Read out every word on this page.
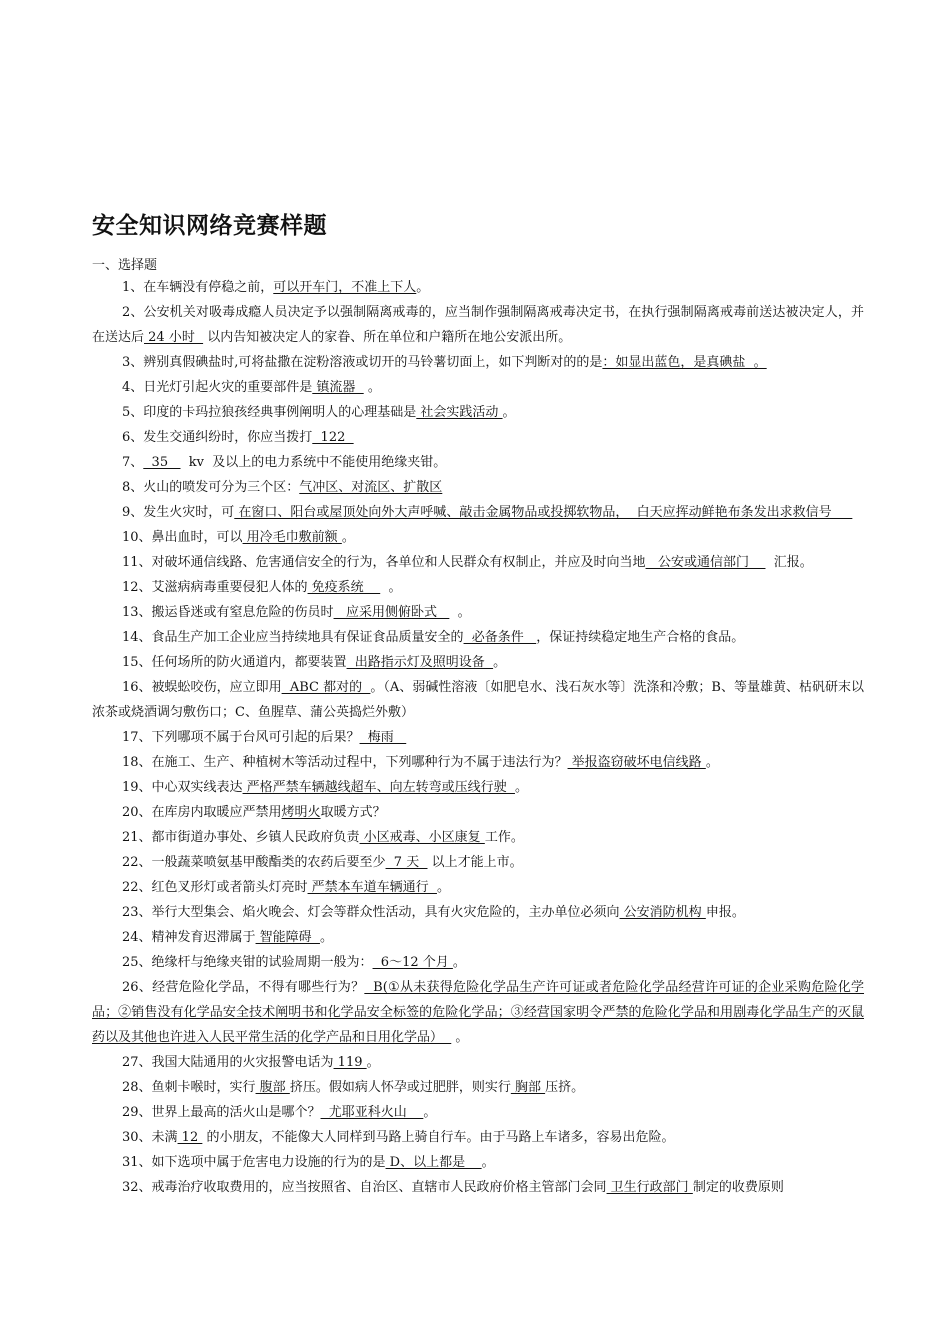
安全知识网络竞赛样题
一、选择题
1、在车辆没有停稳之前，可以开车门，不准上下人。
2、公安机关对吸毒成瘾人员决定予以强制隔离戒毒的，应当制作强制隔离戒毒决定书，在执行强制隔离戒毒前送达被决定人，并在送达后 24 小时   以内告知被决定人的家眷、所在单位和户籍所在地公安派出所。
3、辨别真假碘盐时,可将盐撒在淀粉溶液或切开的马铃薯切面上，如下判断对的的是：如显出蓝色，是真碘盐  。
4、日光灯引起火灾的重要部件是 镇流器   。
5、印度的卡玛拉狼孩经典事例阐明人的心理基础是 社会实践活动 。
6、发生交通纠纷时，你应当拨打  122
7、  35     kv  及以上的电力系统中不能使用绝缘夹钳。
8、火山的喷发可分为三个区：气冲区、对流区、扩散区
9、发生火灾时，可 在窗口、阳台或屋顶处向外大声呼喊、敲击金属物品或投掷软物品，  白天应挥动鲜艳布条发出求救信号
10、鼻出血时，可以 用冷毛巾敷前额 。
11、对破坏通信线路、危害通信安全的行为，各单位和人民群众有权制止，并应及时向当地   公安或通信部门      汇报。
12、艾滋病病毒重要侵犯人体的 免疫系统      。
13、搬运昏迷或有窒息危险的伤员时   应采用侧俯卧式     。
14、食品生产加工企业应当持续地具有保证食品质量安全的  必备条件   ，保证持续稳定地生产合格的食品。
15、任何场所的防火通道内，都要装置  出路指示灯及照明设备  。
16、被蜈蚣咬伤，应立即用  ABC 都对的  。（A、弱碱性溶液〔如肥皂水、浅石灰水等〕洗涤和冷敷；B、等量雄黄、枯矾研末以浓茶或烧酒调匀敷伤口；C、鱼腥草、蒲公英捣烂外敷）
17、下列哪项不属于台风可引起的后果？  梅雨
18、在施工、生产、种植树木等活动过程中，下列哪种行为不属于违法行为？ 举报盗窃破坏电信线路 。
19、中心双实线表达 严格严禁车辆越线超车、向左转弯或压线行驶  。
20、在库房内取暖应严禁用烤明火取暖方式？
21、都市街道办事处、乡镇人民政府负责 小区戒毒、小区康复 工作。
22、一般蔬菜喷氨基甲酸酯类的农药后要至少  7 天   以上才能上市。
22、红色叉形灯或者箭头灯亮时 严禁本车道车辆通行  。
23、举行大型集会、焰火晚会、灯会等群众性活动，具有火灾危险的，主办单位必须向 公安消防机构 申报。
24、精神发育迟滞属于 智能障碍  。
25、绝缘杆与绝缘夹钳的试验周期一般为：  6～12 个月 。
26、经营危险化学品，不得有哪些行为？  B(①从未获得危险化学品生产许可证或者危险化学品经营许可证的企业采购危险化学品；②销售没有化学品安全技术阐明书和化学品安全标签的危险化学品；③经营国家明令严禁的危险化学品和用剧毒化学品生产的灭鼠药以及其他也许进入人民平常生活的化学产品和日用化学品）   。
27、我国大陆通用的火灾报警电话为 119 。
28、鱼刺卡喉时，实行 腹部 挤压。假如病人怀孕或过肥胖，则实行 胸部 压挤。
29、世界上最高的活火山是哪个？  尤耶亚科火山    。
30、未满 12  的小朋友，不能像大人同样到马路上骑自行车。由于马路上车诸多，容易出危险。
31、如下选项中属于危害电力设施的行为的是 D、以上都是    。
32、戒毒治疗收取费用的，应当按照省、自治区、直辖市人民政府价格主管部门会同 卫生行政部门 制定的收费原则
